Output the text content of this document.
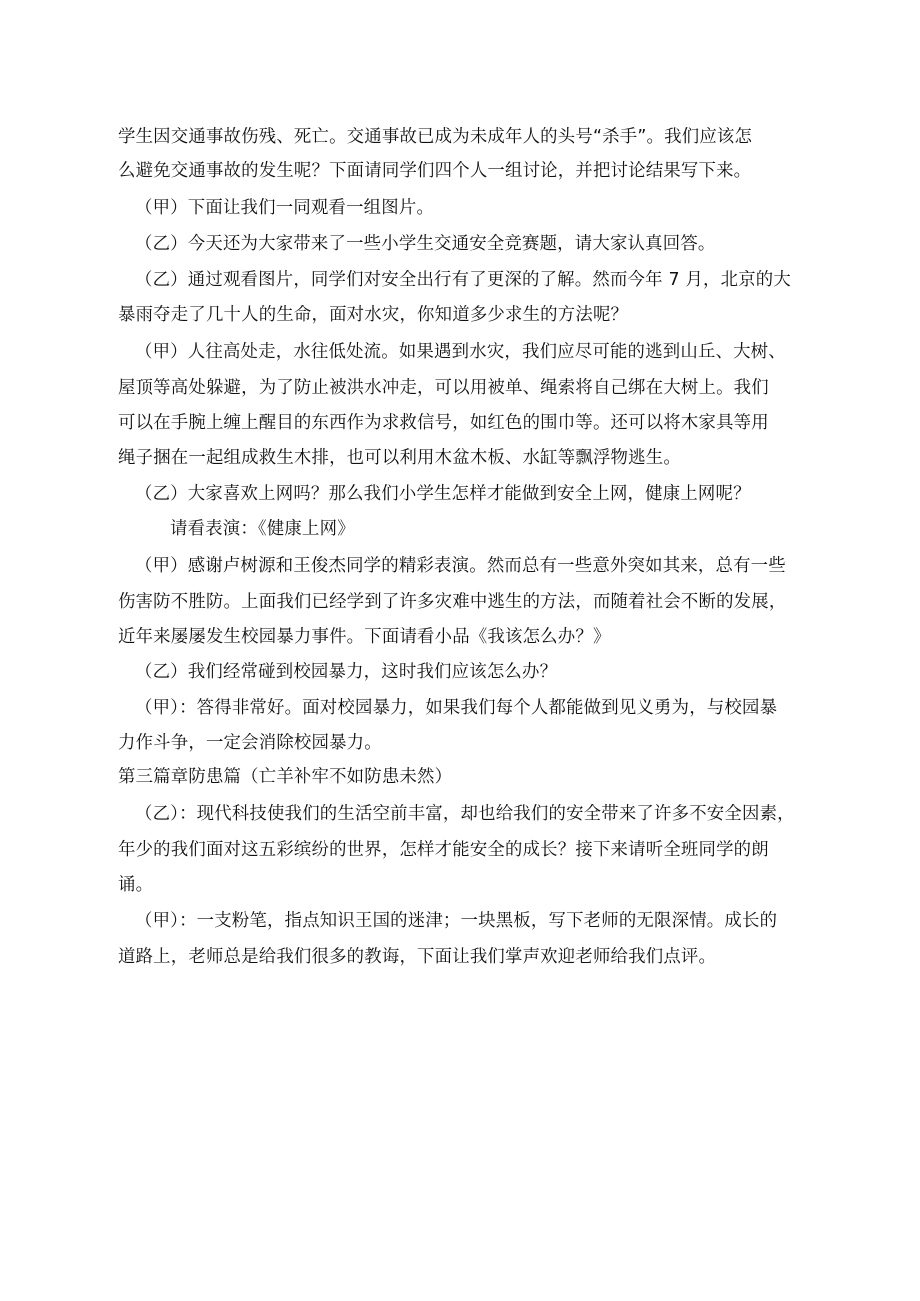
学生因交通事故伤残、死亡。交通事故已成为未成年人的头号“杀手”。我们应该怎

么避免交通事故的发生呢？下面请同学们四个人一组讨论，并把讨论结果写下来。

（甲）下面让我们一同观看一组图片。

（乙）今天还为大家带来了一些小学生交通安全竞赛题，请大家认真回答。

（乙）通过观看图片，同学们对安全出行有了更深的了解。然而今年 7 月，北京的大

暴雨夺走了几十人的生命，面对水灾，你知道多少求生的方法呢？

（甲）人往高处走，水往低处流。如果遇到水灾，我们应尽可能的逃到山丘、大树、

屋顶等高处躲避，为了防止被洪水冲走，可以用被单、绳索将自己绑在大树上。我们

可以在手腕上缠上醒目的东西作为求救信号，如红色的围巾等。还可以将木家具等用

绳子捆在一起组成救生木排，也可以利用木盆木板、水缸等飘浮物逃生。

（乙）大家喜欢上网吗？那么我们小学生怎样才能做到安全上网，健康上网呢？

请看表演：《健康上网》

（甲）感谢卢树源和王俊杰同学的精彩表演。然而总有一些意外突如其来，总有一些

伤害防不胜防。上面我们已经学到了许多灾难中逃生的方法，而随着社会不断的发展，

近年来屡屡发生校园暴力事件。下面请看小品《我该怎么办？》

（乙）我们经常碰到校园暴力，这时我们应该怎么办？

（甲）：答得非常好。面对校园暴力，如果我们每个人都能做到见义勇为，与校园暴

力作斗争，一定会消除校园暴力。

第三篇章防患篇（亡羊补牢不如防患未然）

（乙）：现代科技使我们的生活空前丰富，却也给我们的安全带来了许多不安全因素，

年少的我们面对这五彩缤纷的世界，怎样才能安全的成长？接下来请听全班同学的朗

诵。

（甲）：一支粉笔，指点知识王国的迷津；一块黑板，写下老师的无限深情。成长的

道路上，老师总是给我们很多的教诲，下面让我们掌声欢迎老师给我们点评。
